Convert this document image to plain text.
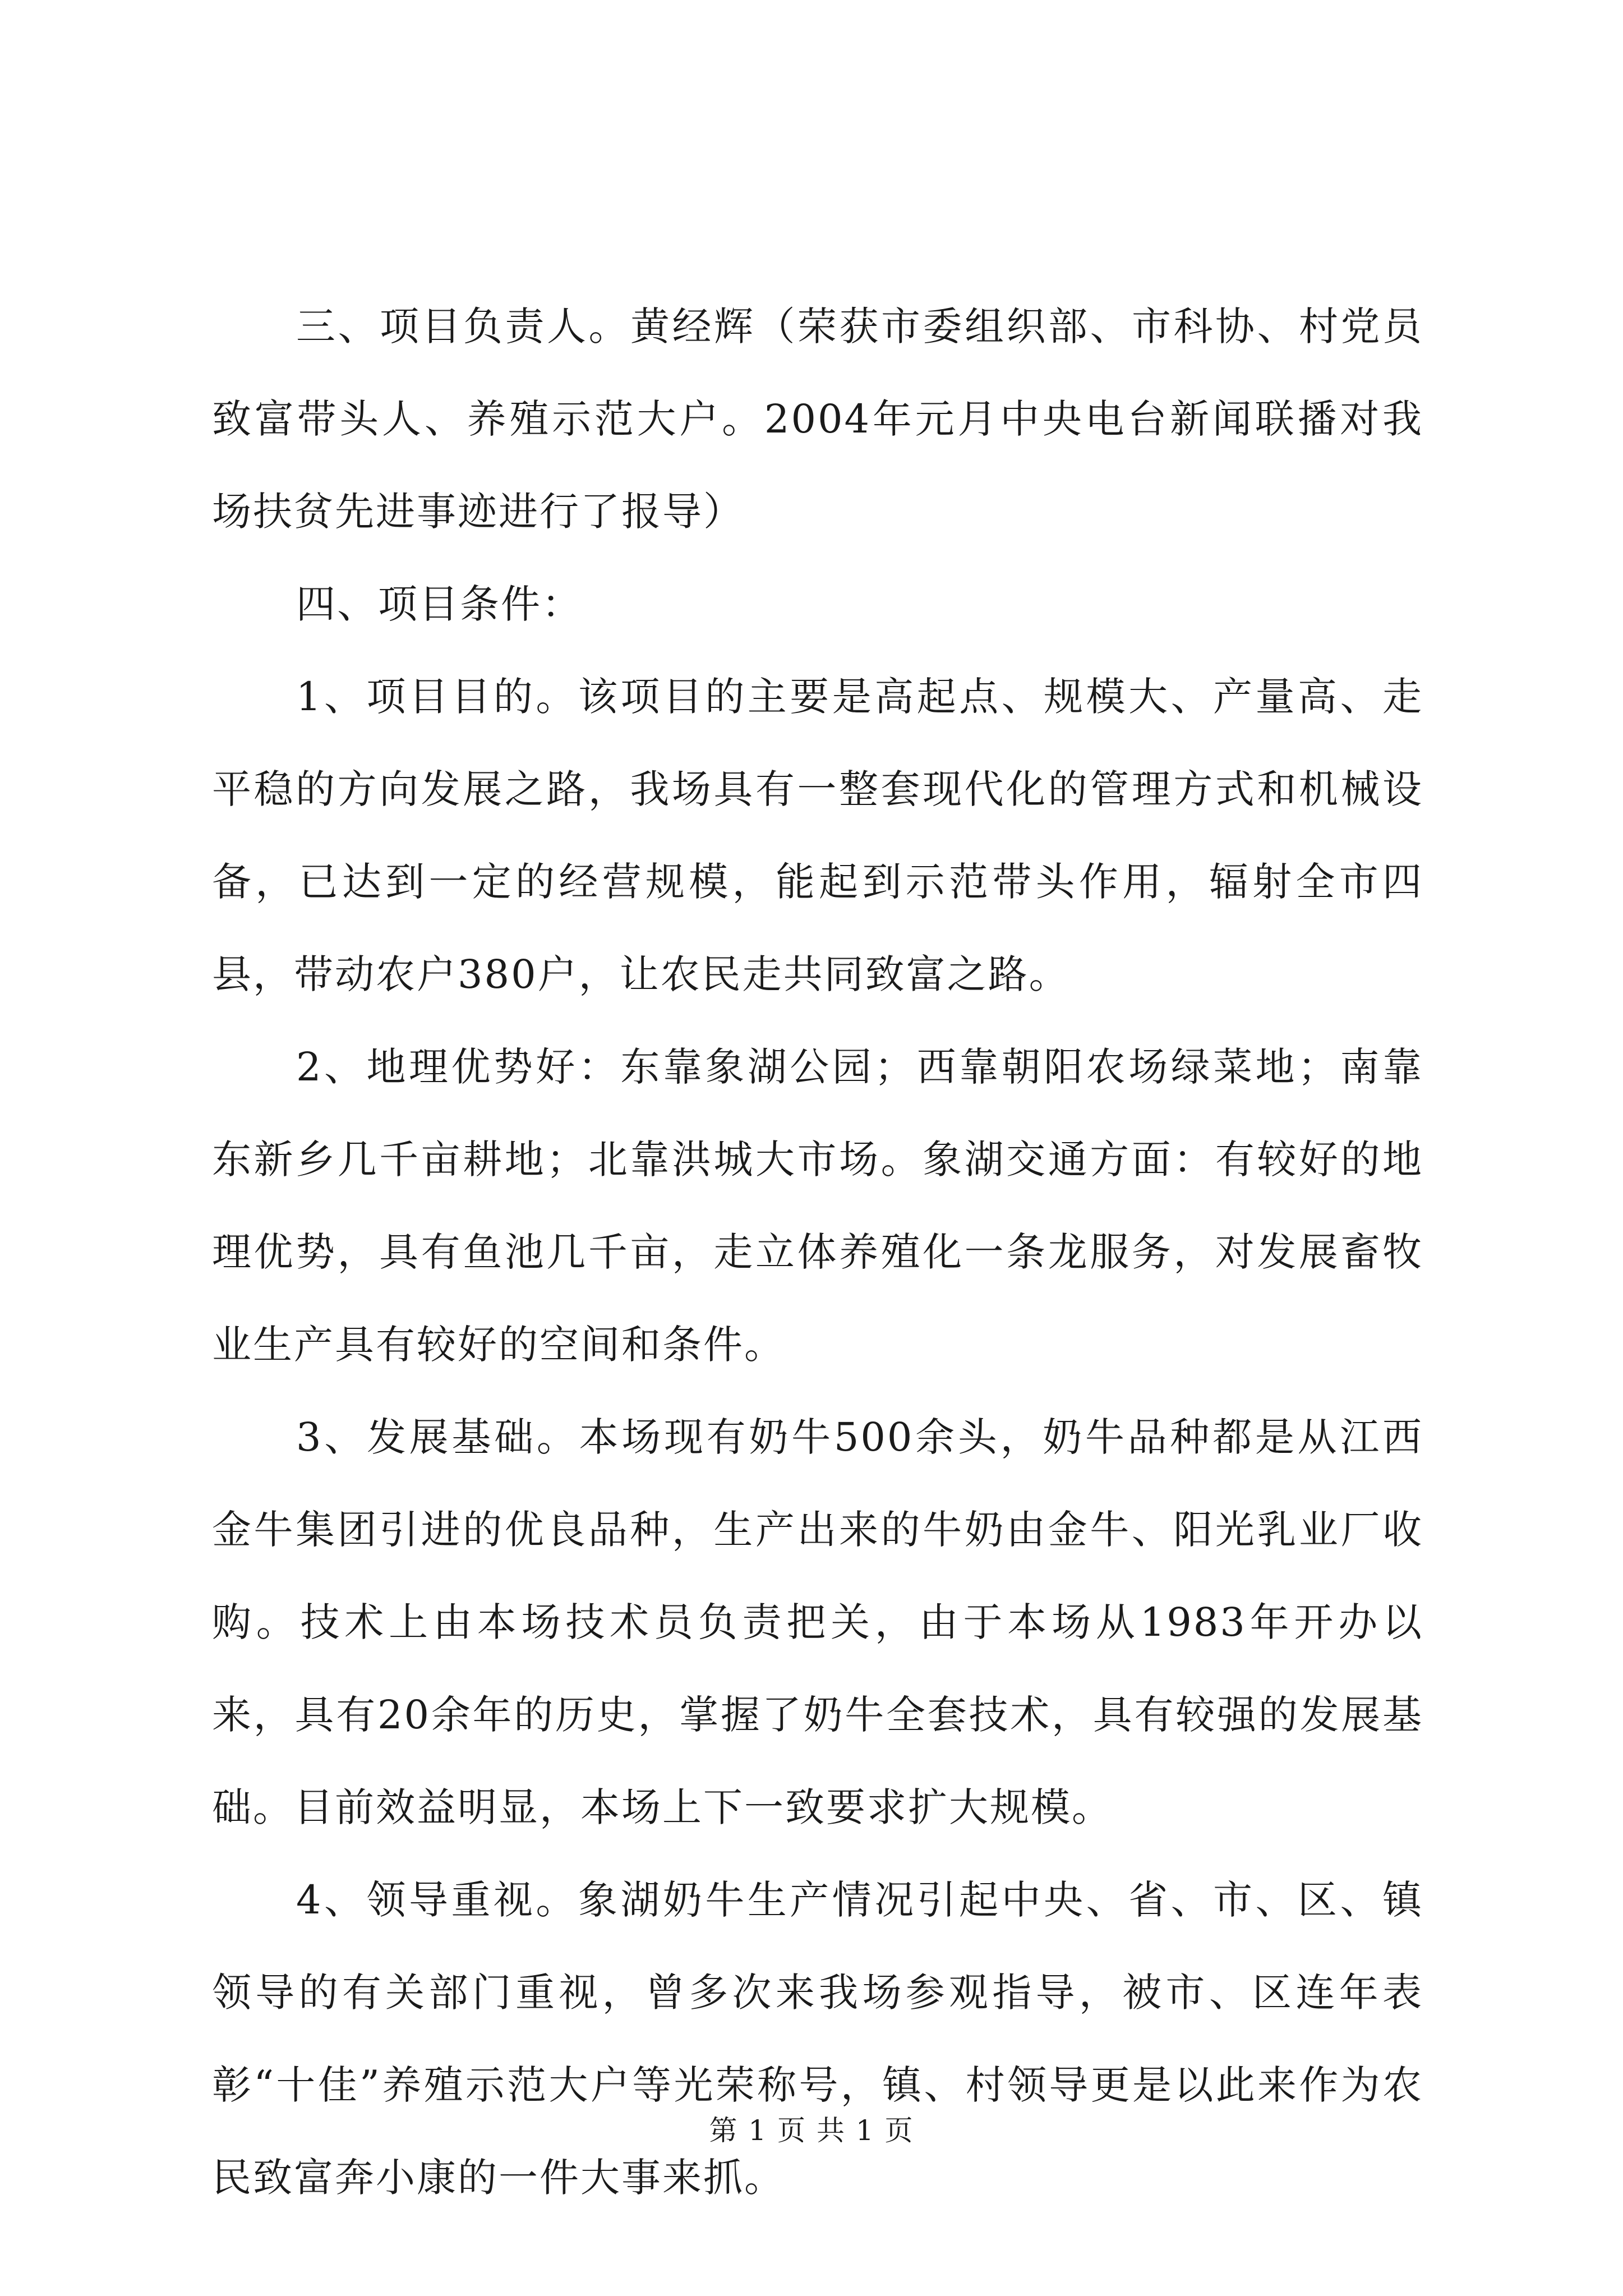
三、项目负责人。黄经辉（荣获市委组织部、市科协、村党员致富带头人、养殖示范大户。2004年元月中央电台新闻联播对我场扶贫先进事迹进行了报导）

四、项目条件：

1、项目目的。该项目的主要是高起点、规模大、产量高、走平稳的方向发展之路，我场具有一整套现代化的管理方式和机械设备，已达到一定的经营规模，能起到示范带头作用，辐射全市四县，带动农户380户，让农民走共同致富之路。

2、地理优势好：东靠象湖公园；西靠朝阳农场绿菜地；南靠东新乡几千亩耕地；北靠洪城大市场。象湖交通方面：有较好的地理优势，具有鱼池几千亩，走立体养殖化一条龙服务，对发展畜牧业生产具有较好的空间和条件。

3、发展基础。本场现有奶牛500余头，奶牛品种都是从江西金牛集团引进的优良品种，生产出来的牛奶由金牛、阳光乳业厂收购。技术上由本场技术员负责把关，由于本场从1983年开办以来，具有20余年的历史，掌握了奶牛全套技术，具有较强的发展基础。目前效益明显，本场上下一致要求扩大规模。

4、领导重视。象湖奶牛生产情况引起中央、省、市、区、镇领导的有关部门重视，曾多次来我场参观指导，被市、区连年表彰“十佳”养殖示范大户等光荣称号，镇、村领导更是以此来作为农民致富奔小康的一件大事来抓。

第 1 页 共 1 页
